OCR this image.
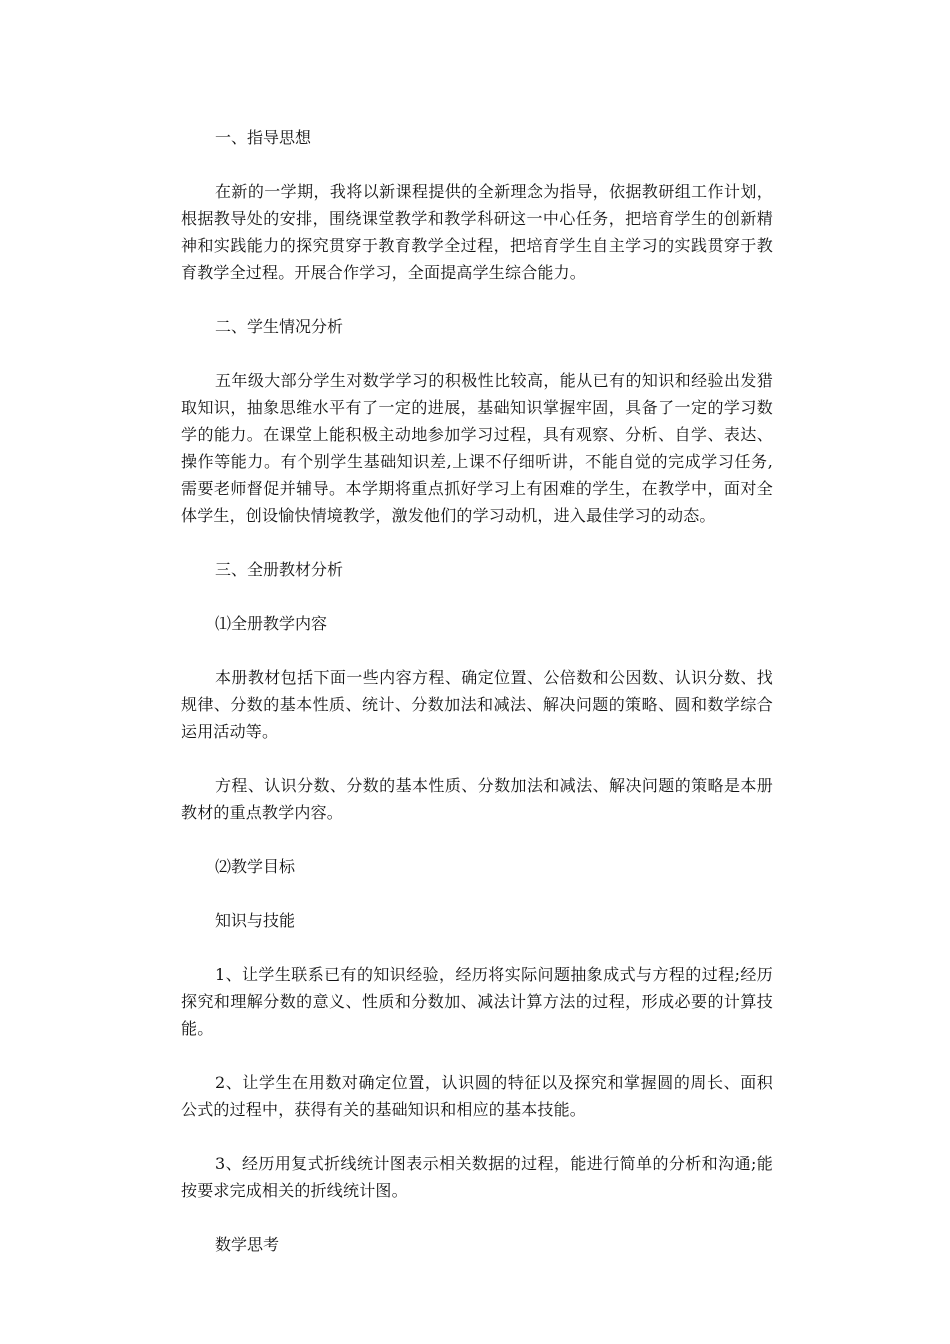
一、指导思想

在新的一学期，我将以新课程提供的全新理念为指导，依据教研组工作计划，根据教导处的安排，围绕课堂教学和教学科研这一中心任务，把培育学生的创新精神和实践能力的探究贯穿于教育教学全过程，把培育学生自主学习的实践贯穿于教育教学全过程。开展合作学习，全面提高学生综合能力。

二、学生情况分析

五年级大部分学生对数学学习的积极性比较高，能从已有的知识和经验出发猎取知识，抽象思维水平有了一定的进展，基础知识掌握牢固，具备了一定的学习数学的能力。在课堂上能积极主动地参加学习过程，具有观察、分析、自学、表达、操作等能力。有个别学生基础知识差,上课不仔细听讲，不能自觉的完成学习任务,需要老师督促并辅导。本学期将重点抓好学习上有困难的学生，在教学中，面对全体学生，创设愉快情境教学，激发他们的学习动机，进入最佳学习的动态。

三、全册教材分析

⑴全册教学内容

本册教材包括下面一些内容方程、确定位置、公倍数和公因数、认识分数、找规律、分数的基本性质、统计、分数加法和减法、解决问题的策略、圆和数学综合运用活动等。

方程、认识分数、分数的基本性质、分数加法和减法、解决问题的策略是本册教材的重点教学内容。

⑵教学目标

知识与技能

1、让学生联系已有的知识经验，经历将实际问题抽象成式与方程的过程;经历探究和理解分数的意义、性质和分数加、减法计算方法的过程，形成必要的计算技能。

2、让学生在用数对确定位置，认识圆的特征以及探究和掌握圆的周长、面积公式的过程中，获得有关的基础知识和相应的基本技能。

3、经历用复式折线统计图表示相关数据的过程，能进行简单的分析和沟通;能按要求完成相关的折线统计图。

数学思考
